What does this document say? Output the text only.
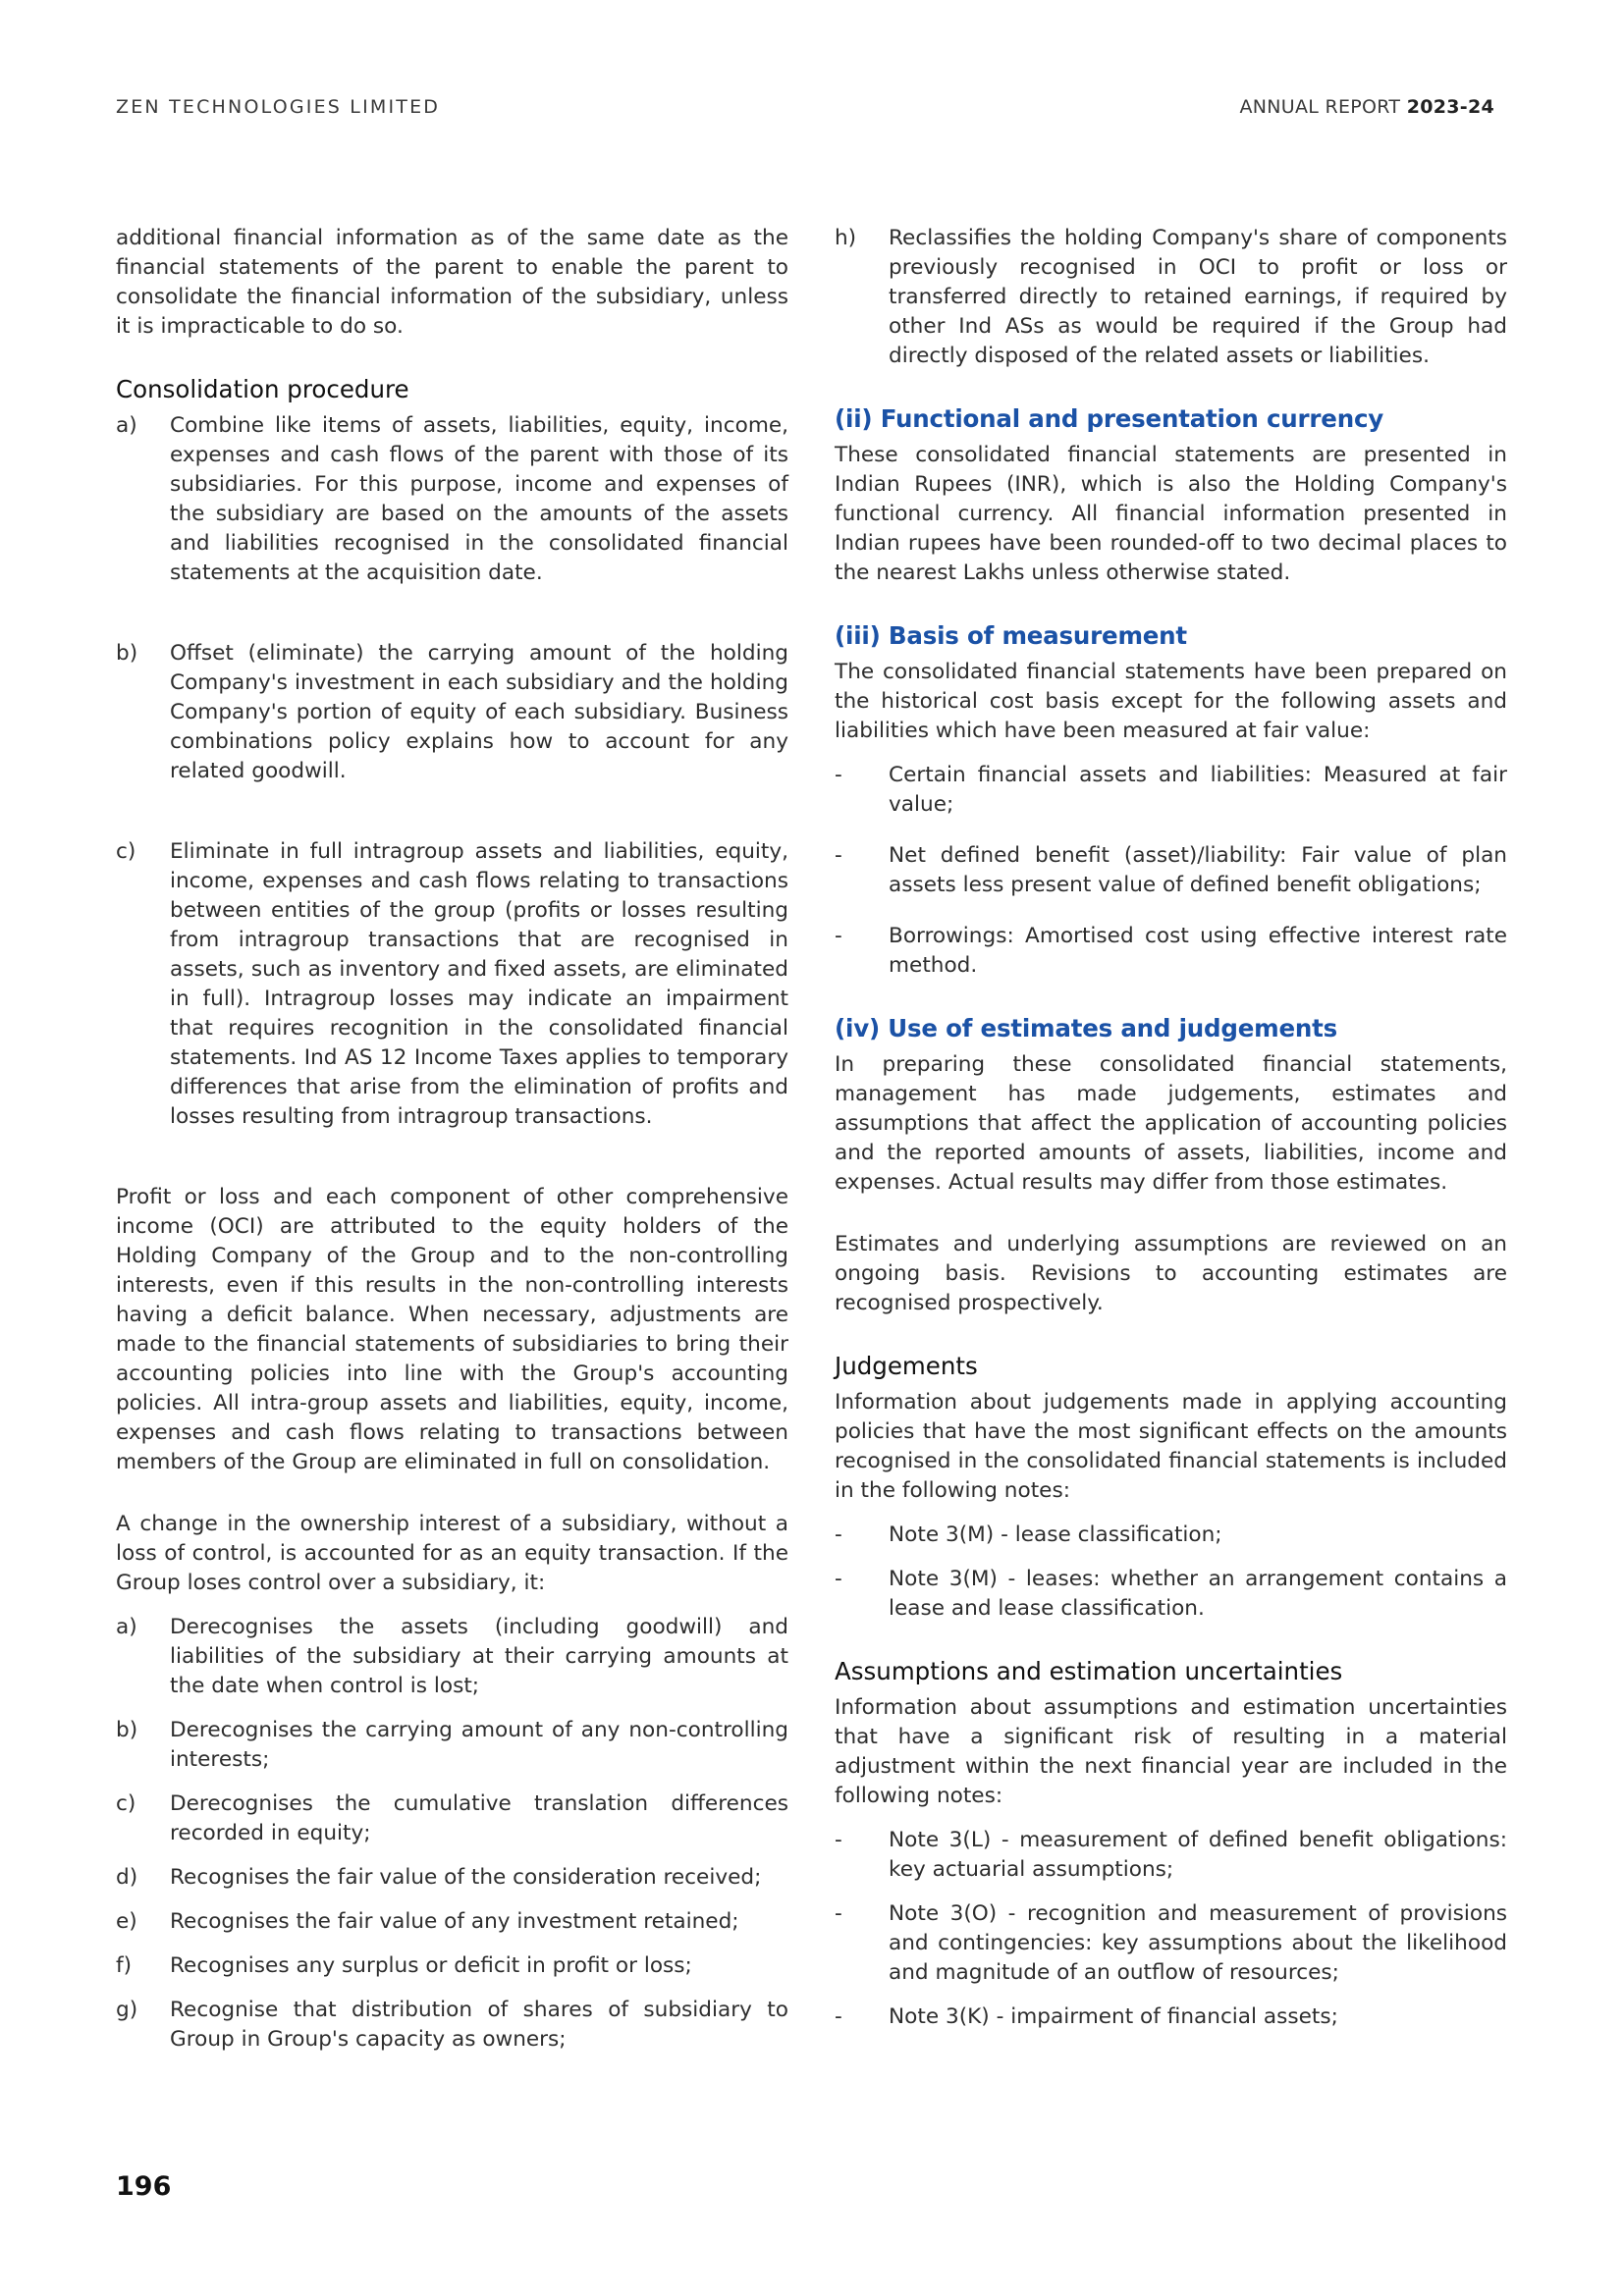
ZEN TECHNOLOGIES LIMITED	ANNUAL REPORT 2023-24

additional financial information as of the same date as the financial statements of the parent to enable the parent to consolidate the financial information of the subsidiary, unless it is impracticable to do so.

Consolidation procedure
a) Combine like items of assets, liabilities, equity, income, expenses and cash flows of the parent with those of its subsidiaries. For this purpose, income and expenses of the subsidiary are based on the amounts of the assets and liabilities recognised in the consolidated financial statements at the acquisition date.

b) Offset (eliminate) the carrying amount of the holding Company's investment in each subsidiary and the holding Company's portion of equity of each subsidiary. Business combinations policy explains how to account for any related goodwill.

c) Eliminate in full intragroup assets and liabilities, equity, income, expenses and cash flows relating to transactions between entities of the group (profits or losses resulting from intragroup transactions that are recognised in assets, such as inventory and fixed assets, are eliminated in full). Intragroup losses may indicate an impairment that requires recognition in the consolidated financial statements. Ind AS 12 Income Taxes applies to temporary differences that arise from the elimination of profits and losses resulting from intragroup transactions.

Profit or loss and each component of other comprehensive income (OCI) are attributed to the equity holders of the Holding Company of the Group and to the non-controlling interests, even if this results in the non-controlling interests having a deficit balance. When necessary, adjustments are made to the financial statements of subsidiaries to bring their accounting policies into line with the Group's accounting policies. All intra-group assets and liabilities, equity, income, expenses and cash flows relating to transactions between members of the Group are eliminated in full on consolidation.

A change in the ownership interest of a subsidiary, without a loss of control, is accounted for as an equity transaction. If the Group loses control over a subsidiary, it:

a) Derecognises the assets (including goodwill) and liabilities of the subsidiary at their carrying amounts at the date when control is lost;

b) Derecognises the carrying amount of any non-controlling interests;

c) Derecognises the cumulative translation differences recorded in equity;

d) Recognises the fair value of the consideration received;

e) Recognises the fair value of any investment retained;

f) Recognises any surplus or deficit in profit or loss;

g) Recognise that distribution of shares of subsidiary to Group in Group's capacity as owners;

h) Reclassifies the holding Company's share of components previously recognised in OCI to profit or loss or transferred directly to retained earnings, if required by other Ind ASs as would be required if the Group had directly disposed of the related assets or liabilities.

(ii) Functional and presentation currency

These consolidated financial statements are presented in Indian Rupees (INR), which is also the Holding Company's functional currency. All financial information presented in Indian rupees have been rounded-off to two decimal places to the nearest Lakhs unless otherwise stated.

(iii) Basis of measurement

The consolidated financial statements have been prepared on the historical cost basis except for the following assets and liabilities which have been measured at fair value:

- Certain financial assets and liabilities: Measured at fair value;

- Net defined benefit (asset)/liability: Fair value of plan assets less present value of defined benefit obligations;

- Borrowings: Amortised cost using effective interest rate method.

(iv) Use of estimates and judgements

In preparing these consolidated financial statements, management has made judgements, estimates and assumptions that affect the application of accounting policies and the reported amounts of assets, liabilities, income and expenses. Actual results may differ from those estimates.

Estimates and underlying assumptions are reviewed on an ongoing basis. Revisions to accounting estimates are recognised prospectively.

Judgements

Information about judgements made in applying accounting policies that have the most significant effects on the amounts recognised in the consolidated financial statements is included in the following notes:

- Note 3(M) - lease classification;

- Note 3(M) - leases: whether an arrangement contains a lease and lease classification.

Assumptions and estimation uncertainties

Information about assumptions and estimation uncertainties that have a significant risk of resulting in a material adjustment within the next financial year are included in the following notes:

- Note 3(L) - measurement of defined benefit obligations: key actuarial assumptions;

- Note 3(O) - recognition and measurement of provisions and contingencies: key assumptions about the likelihood and magnitude of an outflow of resources;

- Note 3(K) - impairment of financial assets;

196
